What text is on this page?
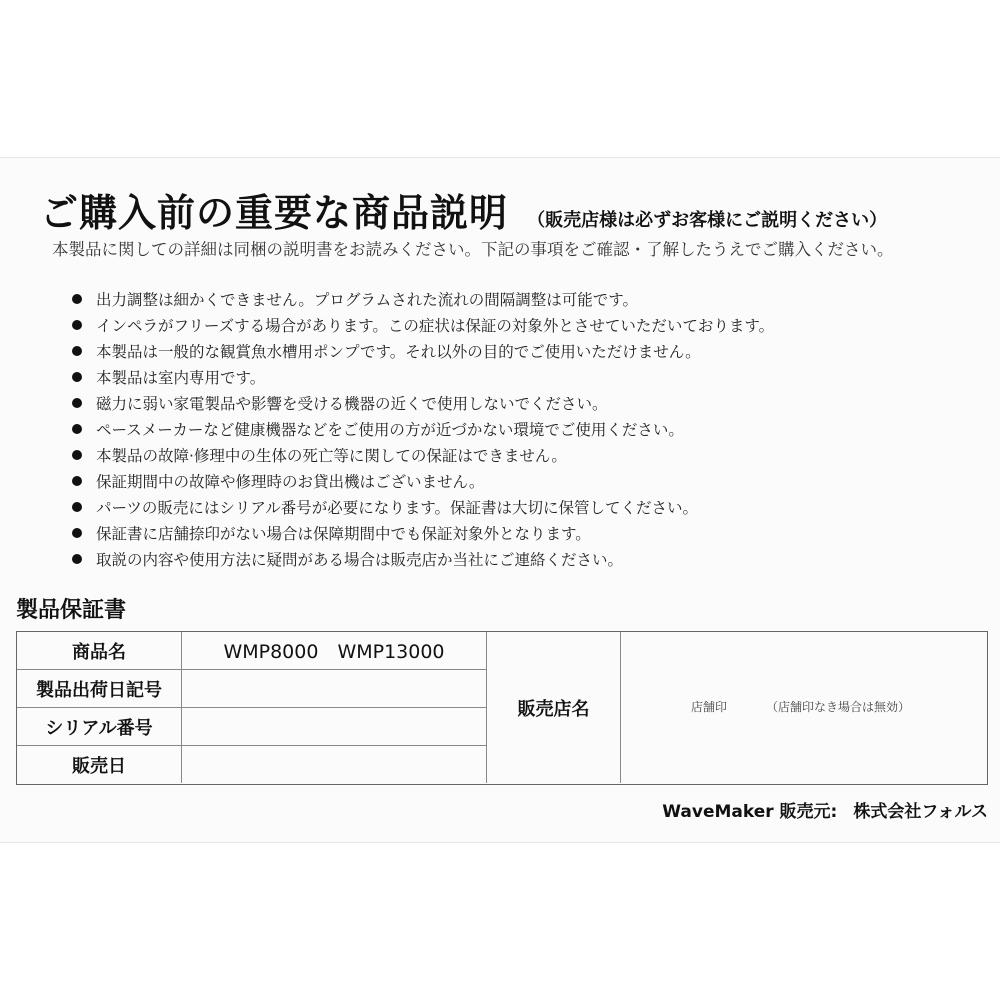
ご購入前の重要な商品説明 （販売店様は必ずお客様にご説明ください）
本製品に関しての詳細は同梱の説明書をお読みください。下記の事項をご確認・了解したうえでご購入ください。
出力調整は細かくできません。プログラムされた流れの間隔調整は可能です。
インペラがフリーズする場合があります。この症状は保証の対象外とさせていただいております。
本製品は一般的な観賞魚水槽用ポンプです。それ以外の目的でご使用いただけません。
本製品は室内専用です。
磁力に弱い家電製品や影響を受ける機器の近くで使用しないでください。
ペースメーカーなど健康機器などをご使用の方が近づかない環境でご使用ください。
本製品の故障·修理中の生体の死亡等に関しての保証はできません。
保証期間中の故障や修理時のお貸出機はございません。
パーツの販売にはシリアル番号が必要になります。保証書は大切に保管してください。
保証書に店舗捺印がない場合は保障期間中でも保証対象外となります。
取説の内容や使用方法に疑問がある場合は販売店か当社にご連絡ください。
製品保証書
商品名	WMP8000　WMP13000
製品出荷日記号
シリアル番号
販売日
販売店名	店舗印	（店舗印なき場合は無効）
WaveMaker 販売元: 株式会社フォルス
